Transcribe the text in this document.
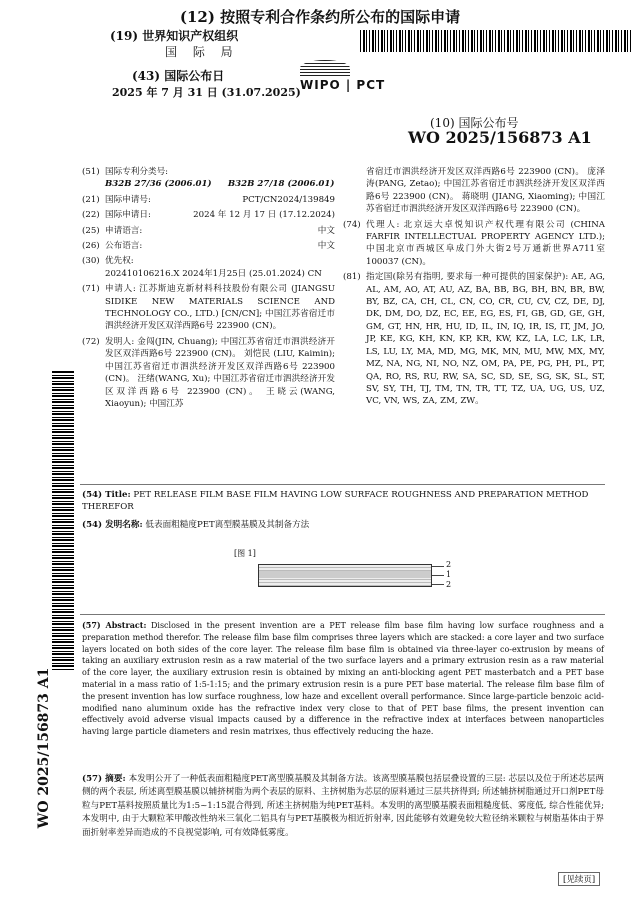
(12) 按照专利合作条约所公布的国际申请
(19) 世界知识产权组织
国 际 局
(43) 国际公布日
2025 年 7 月 31 日 (31.07.2025)
WIPO | PCT
(10) 国际公布号
WO 2025/156873 A1
(51) 国际专利分类号:
B32B 27/36 (2006.01) B32B 27/18 (2006.01)
(21) 国际申请号:	PCT/CN2024/139849
(22) 国际申请日:	2024 年 12 月 17 日 (17.12.2024)
(25) 申请语言:	中文
(26) 公布语言:	中文
(30) 优先权:
202410106216.X 2024年1月25日 (25.01.2024) CN
(71) 申请人: 江苏斯迪克新材料科技股份有限公司 (JIANGSU SIDIKE NEW MATERIALS SCIENCE AND TECHNOLOGY CO., LTD.) [CN/CN]; 中国江苏省宿迁市泗洪经济开发区双洋西路6号 223900 (CN)。
(72) 发明人: 金闯(JIN, Chuang); 中国江苏省宿迁市泗洪经济开发区双洋西路6号 223900 (CN)。 刘恺民 (LIU, Kaimin); 中国江苏省宿迁市泗洪经济开发区双洋西路6号 223900 (CN)。 汪绪(WANG, Xu); 中国江苏省宿迁市泗洪经济开发区双洋西路6号 223900 (CN)。 王晓云(WANG, Xiaoyun); 中国江苏
省宿迁市泗洪经济开发区双洋西路6号 223900 (CN)。 庞泽涛(PANG, Zetao); 中国江苏省宿迁市泗洪经济开发区双洋西路6号 223900 (CN)。 蒋晓明 (JIANG, Xiaoming); 中国江苏省宿迁市泗洪经济开发区双洋西路6号 223900 (CN)。
(74) 代理人: 北京远大卓悦知识产权代理有限公司 (CHINA FARFIR INTELLECTUAL PROPERTY AGENCY LTD.); 中国北京市西城区阜成门外大街2号万通新世界A711室 100037 (CN)。
(81) 指定国(除另有指明, 要求每一种可提供的国家保护): AE, AG, AL, AM, AO, AT, AU, AZ, BA, BB, BG, BH, BN, BR, BW, BY, BZ, CA, CH, CL, CN, CO, CR, CU, CV, CZ, DE, DJ, DK, DM, DO, DZ, EC, EE, EG, ES, FI, GB, GD, GE, GH, GM, GT, HN, HR, HU, ID, IL, IN, IQ, IR, IS, IT, JM, JO, JP, KE, KG, KH, KN, KP, KR, KW, KZ, LA, LC, LK, LR, LS, LU, LY, MA, MD, MG, MK, MN, MU, MW, MX, MY, MZ, NA, NG, NI, NO, NZ, OM, PA, PE, PG, PH, PL, PT, QA, RO, RS, RU, RW, SA, SC, SD, SE, SG, SK, SL, ST, SV, SY, TH, TJ, TM, TN, TR, TT, TZ, UA, UG, US, UZ, VC, VN, WS, ZA, ZM, ZW。
WO 2025/156873 A1
(54) Title: PET RELEASE FILM BASE FILM HAVING LOW SURFACE ROUGHNESS AND PREPARATION METHOD THEREFOR
(54) 发明名称: 低表面粗糙度PET离型膜基膜及其制备方法
[图 1]
2
1
2
(57) Abstract: Disclosed in the present invention are a PET release film base film having low surface roughness and a preparation method therefor. The release film base film comprises three layers which are stacked: a core layer and two surface layers located on both sides of the core layer. The release film base film is obtained via three-layer co-extrusion by means of taking an auxiliary extrusion resin as a raw material of the two surface layers and a primary extrusion resin as a raw material of the core layer, the auxiliary extrusion resin is obtained by mixing an anti-blocking agent PET masterbatch and a PET base material in a mass ratio of 1:5-1:15; and the primary extrusion resin is a pure PET base material. The release film base film of the present invention has low surface roughness, low haze and excellent overall performance. Since large-particle benzoic acid-modified nano aluminum oxide has the refractive index very close to that of PET base films, the present invention can effectively avoid adverse visual impacts caused by a difference in the refractive index at interfaces between nanoparticles having large particle diameters and resin matrixes, thus effectively reducing the haze.
(57) 摘要: 本发明公开了一种低表面粗糙度PET离型膜基膜及其制备方法。该离型膜基膜包括层叠设置的三层: 芯层以及位于所述芯层两侧的两个表层, 所述离型膜基膜以辅挤树脂为两个表层的原料、主挤树脂为芯层的原料通过三层共挤得到; 所述辅挤树脂通过开口剂PET母粒与PET基料按照质量比为1:5~1:15混合得到, 所述主挤树脂为纯PET基料。本发明的离型膜基膜表面粗糙度低、雾度低, 综合性能优异; 本发明中, 由于大颗粒苯甲酸改性纳米三氧化二铝具有与PET基膜极为相近折射率, 因此能够有效避免较大粒径纳米颗粒与树脂基体由于界面折射率差异而造成的不良视觉影响, 可有效降低雾度。
[见续页]
